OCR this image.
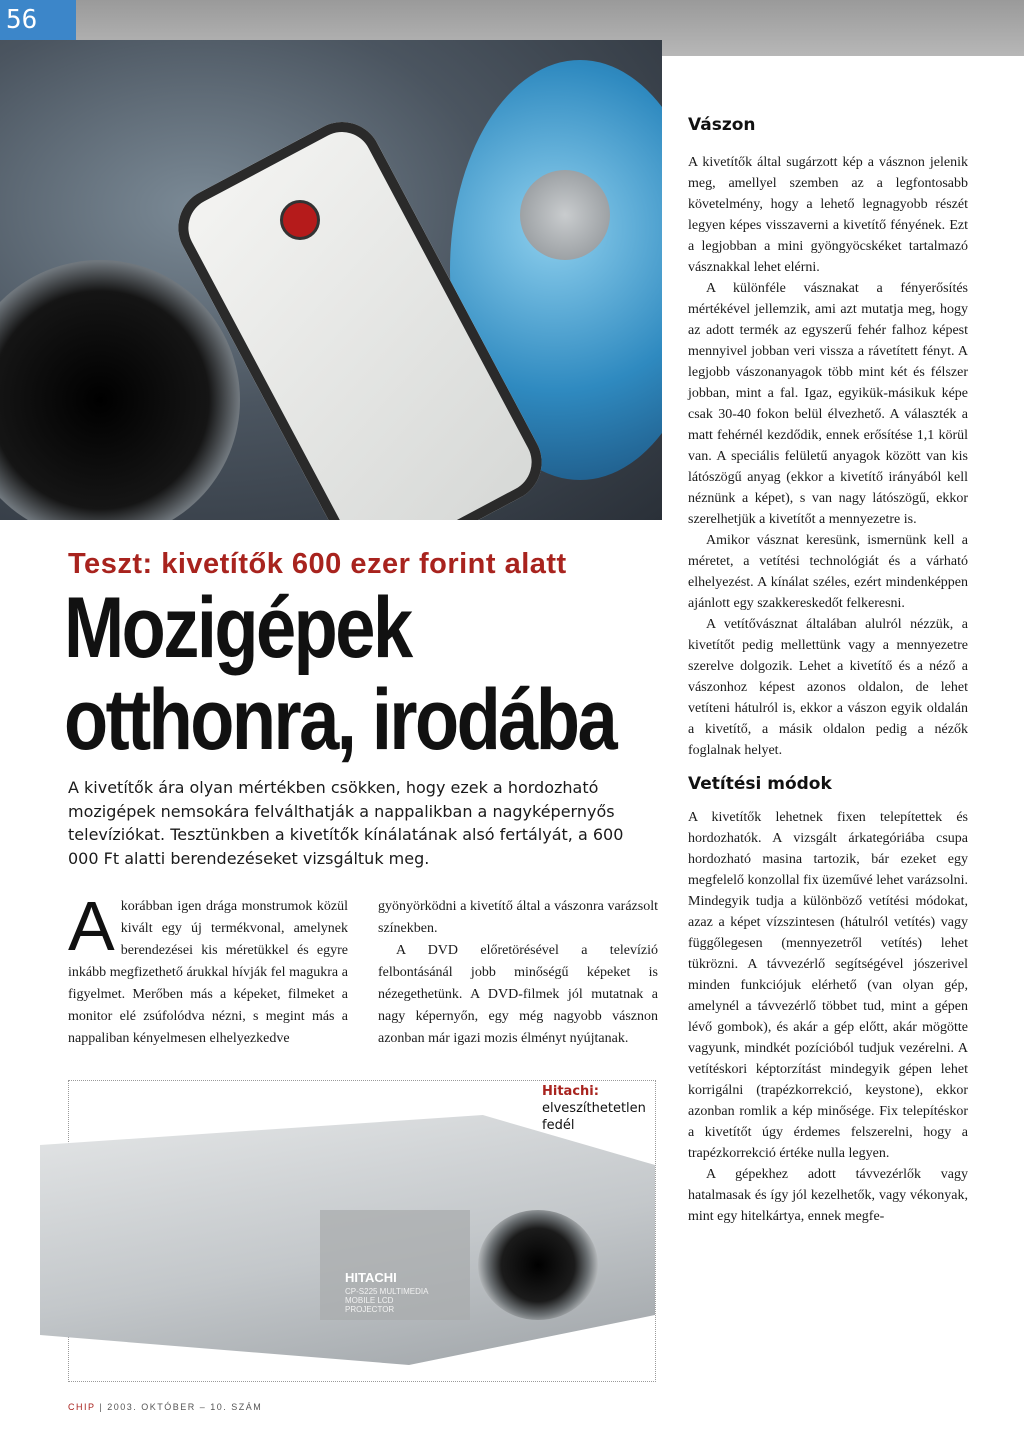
56
Teszt: kivetítők 600 ezer forint alatt
Mozigépek
otthonra, irodába

A kivetítők ára olyan mértékben csökken, hogy ezek a hordozható mozigépek nemsokára felválthatják a nappalikban a nagyképernyős televíziókat. Tesztünkben a kivetítők kínálatának alsó fertályát, a 600 000 Ft alatti berendezéseket vizsgáltuk meg.

Akorábban igen drága monstrumok közül kivált egy új termékvonal, amelynek berendezései kis méretükkel és egyre inkább megfizethető árukkal hívják fel magukra a figyelmet. Merőben más a képeket, filmeket a monitor elé zsúfolódva nézni, s megint más a nappaliban kényelmesen elhelyezkedve

gyönyörködni a kivetítő által a vászonra varázsolt színekben.

A DVD előretörésével a televízió felbontásánál jobb minőségű képeket is nézegethetünk. A DVD-filmek jól mutatnak a nagy képernyőn, egy még nagyobb vásznon azonban már igazi mozis élményt nyújtanak.

HITACHI
CP-S225 MULTIMEDIA MOBILE LCD PROJECTOR

Hitachi:
elveszíthetetlen fedél

Vászon

A kivetítők által sugárzott kép a vásznon jelenik meg, amellyel szemben az a legfontosabb követelmény, hogy a lehető legnagyobb részét legyen képes visszaverni a kivetítő fényének. Ezt a legjobban a mini gyöngyöcskéket tartalmazó vásznakkal lehet elérni.

A különféle vásznakat a fényerősítés mértékével jellemzik, ami azt mutatja meg, hogy az adott termék az egyszerű fehér falhoz képest mennyivel jobban veri vissza a rávetített fényt. A legjobb vászonanyagok több mint két és félszer jobban, mint a fal. Igaz, egyikük-másikuk képe csak 30-40 fokon belül élvezhető. A választék a matt fehérnél kezdődik, ennek erősítése 1,1 körül van. A speciális felületű anyagok között van kis látószögű anyag (ekkor a kivetítő irányából kell néznünk a képet), s van nagy látószögű, ekkor szerelhetjük a kivetítőt a mennyezetre is.

Amikor vásznat keresünk, ismernünk kell a méretet, a vetítési technológiát és a várható elhelyezést. A kínálat széles, ezért mindenképpen ajánlott egy szakkereskedőt felkeresni.

A vetítővásznat általában alulról nézzük, a kivetítőt pedig mellettünk vagy a mennyezetre szerelve dolgozik. Lehet a kivetítő és a néző a vászonhoz képest azonos oldalon, de lehet vetíteni hátulról is, ekkor a vászon egyik oldalán a kivetítő, a másik oldalon pedig a nézők foglalnak helyet.

Vetítési módok

A kivetítők lehetnek fixen telepítettek és hordozhatók. A vizsgált árkategóriába csupa hordozható masina tartozik, bár ezeket egy megfelelő konzollal fix üzeművé lehet varázsolni. Mindegyik tudja a különböző vetítési módokat, azaz a képet vízszintesen (hátulról vetítés) vagy függőlegesen (mennyezetről vetítés) lehet tükrözni. A távvezérlő segítségével jószerivel minden funkciójuk elérhető (van olyan gép, amelynél a távvezérlő többet tud, mint a gépen lévő gombok), és akár a gép előtt, akár mögötte vagyunk, mindkét pozícióból tudjuk vezérelni. A vetítéskori képtorzítást mindegyik gépen lehet korrigálni (trapézkorrekció, keystone), ekkor azonban romlik a kép minősége. Fix telepítéskor a kivetítőt úgy érdemes felszerelni, hogy a trapézkorrekció értéke nulla legyen.

A gépekhez adott távvezérlők vagy hatalmasak és így jól kezelhetők, vagy vékonyak, mint egy hitelkártya, ennek megfe-

CHIP | 2003. OKTÓBER – 10. SZÁM
